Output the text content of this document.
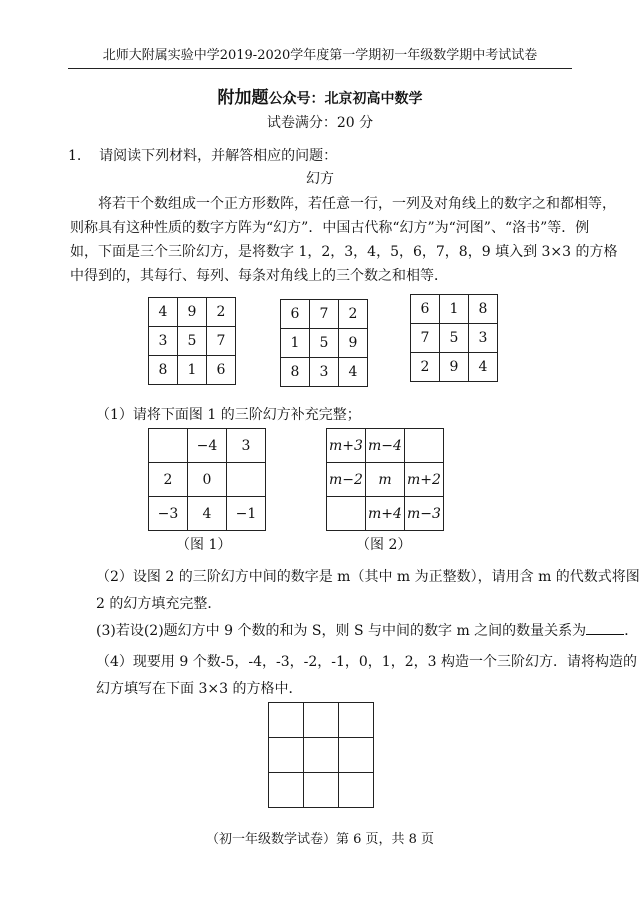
北师大附属实验中学2019-2020学年度第一学期初一年级数学期中考试试卷
附加题公众号：北京初高中数学
试卷满分：20 分
1. 请阅读下列材料，并解答相应的问题：
幻方
将若干个数组成一个正方形数阵，若任意一行，一列及对角线上的数字之和都相等，
则称具有这种性质的数字方阵为“幻方”．中国古代称“幻方”为“河图”、“洛书”等．例
如，下面是三个三阶幻方，是将数字 1，2，3，4，5，6，7，8，9 填入到 3×3 的方格
中得到的，其每行、每列、每条对角线上的三个数之和相等．
4	9	2
3	5	7
8	1	6
6	7	2
1	5	9
8	3	4
6	1	8
7	5	3
2	9	4
（1）请将下面图 1 的三阶幻方补充完整；
	−4	3
2	0	
−3	4	−1
m+3	m−4	
m−2	m	m+2
	m+4	m−3
（图 1）	（图 2）
（2）设图 2 的三阶幻方中间的数字是 m（其中 m 为正整数），请用含 m 的代数式将图
2 的幻方填充完整．
(3)若设(2)题幻方中 9 个数的和为 S，则 S 与中间的数字 m 之间的数量关系为	．
（4）现要用 9 个数-5，-4，-3，-2，-1，0，1，2，3 构造一个三阶幻方．请将构造的
幻方填写在下面 3×3 的方格中．

（初一年级数学试卷）第 6 页，共 8 页
